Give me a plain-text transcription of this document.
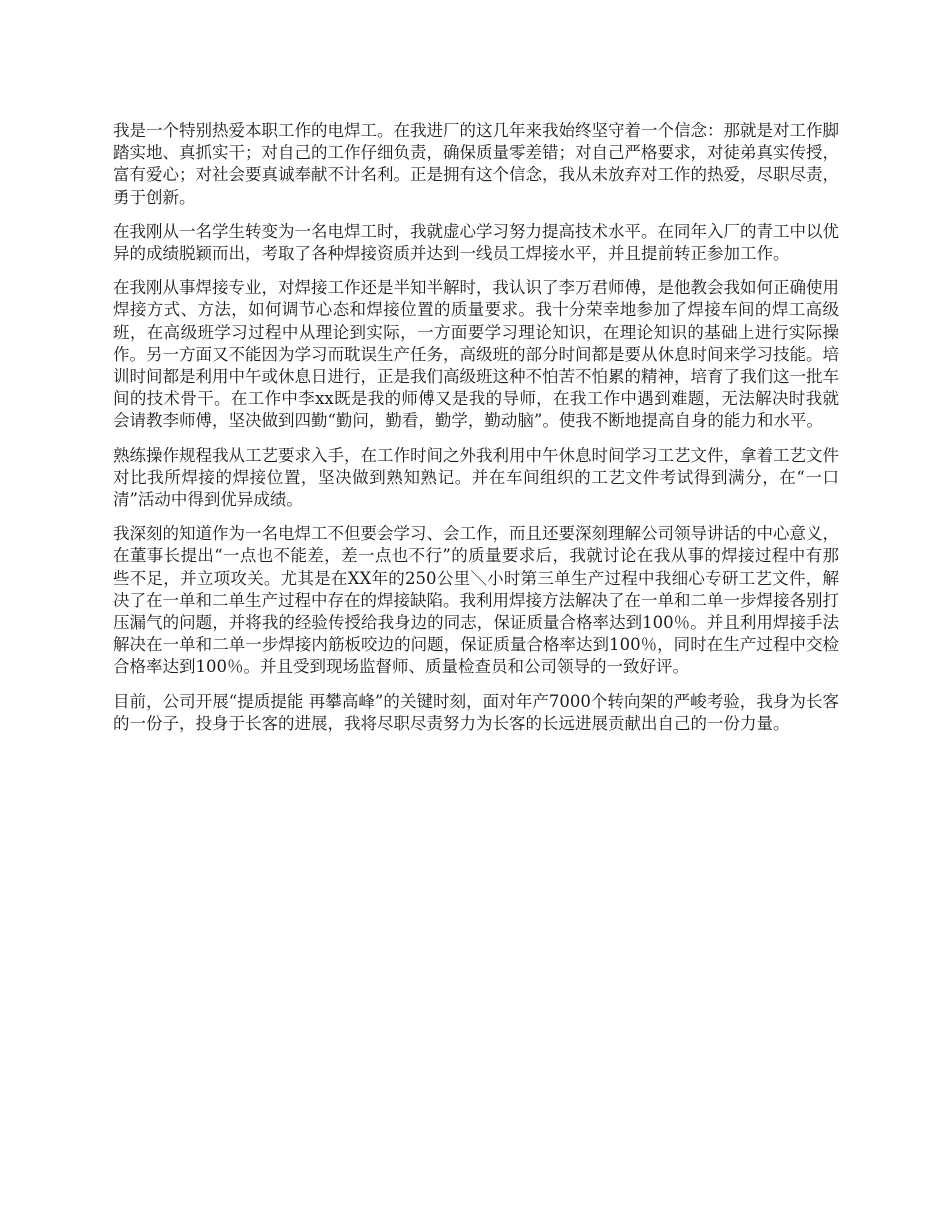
我是一个特别热爱本职工作的电焊工。在我进厂的这几年来我始终坚守着一个信念：那就是对工作脚踏实地、真抓实干；对自己的工作仔细负责，确保质量零差错；对自己严格要求，对徒弟真实传授，富有爱心；对社会要真诚奉献不计名利。正是拥有这个信念，我从未放弃对工作的热爱，尽职尽责，勇于创新。

在我刚从一名学生转变为一名电焊工时，我就虚心学习努力提高技术水平。在同年入厂的青工中以优异的成绩脱颖而出，考取了各种焊接资质并达到一线员工焊接水平，并且提前转正参加工作。

在我刚从事焊接专业，对焊接工作还是半知半解时，我认识了李万君师傅，是他教会我如何正确使用焊接方式、方法，如何调节心态和焊接位置的质量要求。我十分荣幸地参加了焊接车间的焊工高级班，在高级班学习过程中从理论到实际，一方面要学习理论知识，在理论知识的基础上进行实际操作。另一方面又不能因为学习而耽误生产任务，高级班的部分时间都是要从休息时间来学习技能。培训时间都是利用中午或休息日进行，正是我们高级班这种不怕苦不怕累的精神，培育了我们这一批车间的技术骨干。在工作中李xx既是我的师傅又是我的导师，在我工作中遇到难题，无法解决时我就会请教李师傅，坚决做到四勤“勤问，勤看，勤学，勤动脑”。使我不断地提高自身的能力和水平。

熟练操作规程我从工艺要求入手，在工作时间之外我利用中午休息时间学习工艺文件，拿着工艺文件对比我所焊接的焊接位置，坚决做到熟知熟记。并在车间组织的工艺文件考试得到满分，在“一口清”活动中得到优异成绩。

我深刻的知道作为一名电焊工不但要会学习、会工作，而且还要深刻理解公司领导讲话的中心意义，在董事长提出“一点也不能差，差一点也不行”的质量要求后，我就讨论在我从事的焊接过程中有那些不足，并立项攻关。尤其是在XX年的250公里＼小时第三单生产过程中我细心专研工艺文件，解决了在一单和二单生产过程中存在的焊接缺陷。我利用焊接方法解决了在一单和二单一步焊接各别打压漏气的问题，并将我的经验传授给我身边的同志，保证质量合格率达到100％。并且利用焊接手法解决在一单和二单一步焊接内筋板咬边的问题，保证质量合格率达到100％，同时在生产过程中交检合格率达到100％。并且受到现场监督师、质量检查员和公司领导的一致好评。

目前，公司开展“提质提能 再攀高峰”的关键时刻，面对年产7000个转向架的严峻考验，我身为长客的一份子，投身于长客的进展，我将尽职尽责努力为长客的长远进展贡献出自己的一份力量。
